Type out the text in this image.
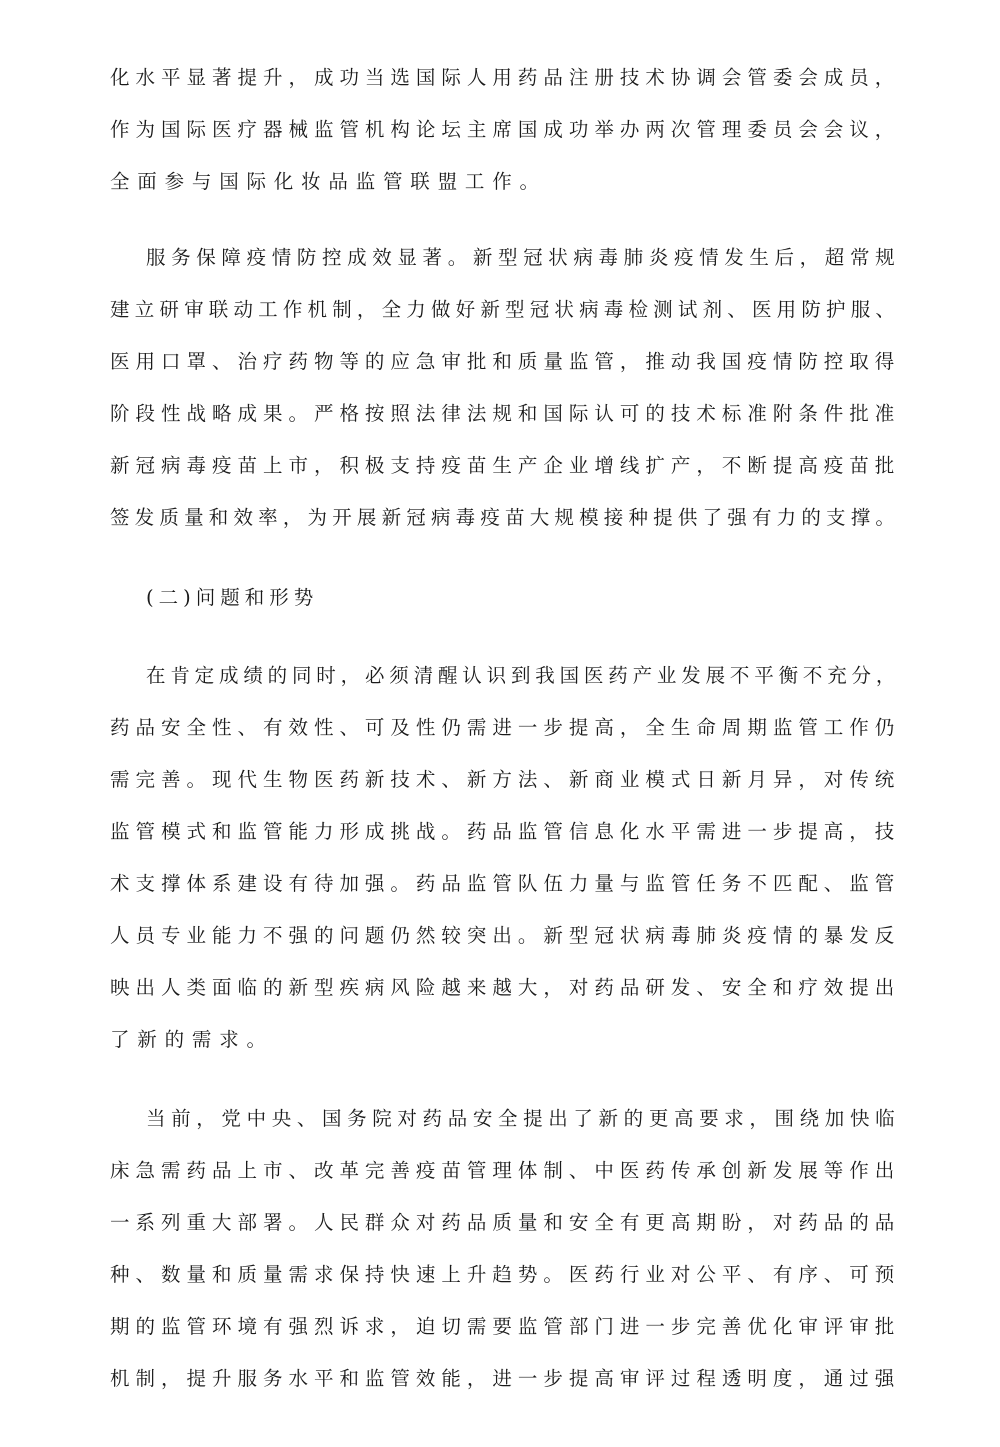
化水平显著提升，成功当选国际人用药品注册技术协调会管委会成员，
作为国际医疗器械监管机构论坛主席国成功举办两次管理委员会会议，
全面参与国际化妆品监管联盟工作。
服务保障疫情防控成效显著。新型冠状病毒肺炎疫情发生后，超常规
建立研审联动工作机制，全力做好新型冠状病毒检测试剂、医用防护服、
医用口罩、治疗药物等的应急审批和质量监管，推动我国疫情防控取得
阶段性战略成果。严格按照法律法规和国际认可的技术标准附条件批准
新冠病毒疫苗上市，积极支持疫苗生产企业增线扩产，不断提高疫苗批
签发质量和效率，为开展新冠病毒疫苗大规模接种提供了强有力的支撑。
(二)问题和形势
在肯定成绩的同时，必须清醒认识到我国医药产业发展不平衡不充分，
药品安全性、有效性、可及性仍需进一步提高，全生命周期监管工作仍
需完善。现代生物医药新技术、新方法、新商业模式日新月异，对传统
监管模式和监管能力形成挑战。药品监管信息化水平需进一步提高，技
术支撑体系建设有待加强。药品监管队伍力量与监管任务不匹配、监管
人员专业能力不强的问题仍然较突出。新型冠状病毒肺炎疫情的暴发反
映出人类面临的新型疾病风险越来越大，对药品研发、安全和疗效提出
了新的需求。
当前，党中央、国务院对药品安全提出了新的更高要求，围绕加快临
床急需药品上市、改革完善疫苗管理体制、中医药传承创新发展等作出
一系列重大部署。人民群众对药品质量和安全有更高期盼，对药品的品
种、数量和质量需求保持快速上升趋势。医药行业对公平、有序、可预
期的监管环境有强烈诉求，迫切需要监管部门进一步完善优化审评审批
机制，提升服务水平和监管效能，进一步提高审评过程透明度，通过强
